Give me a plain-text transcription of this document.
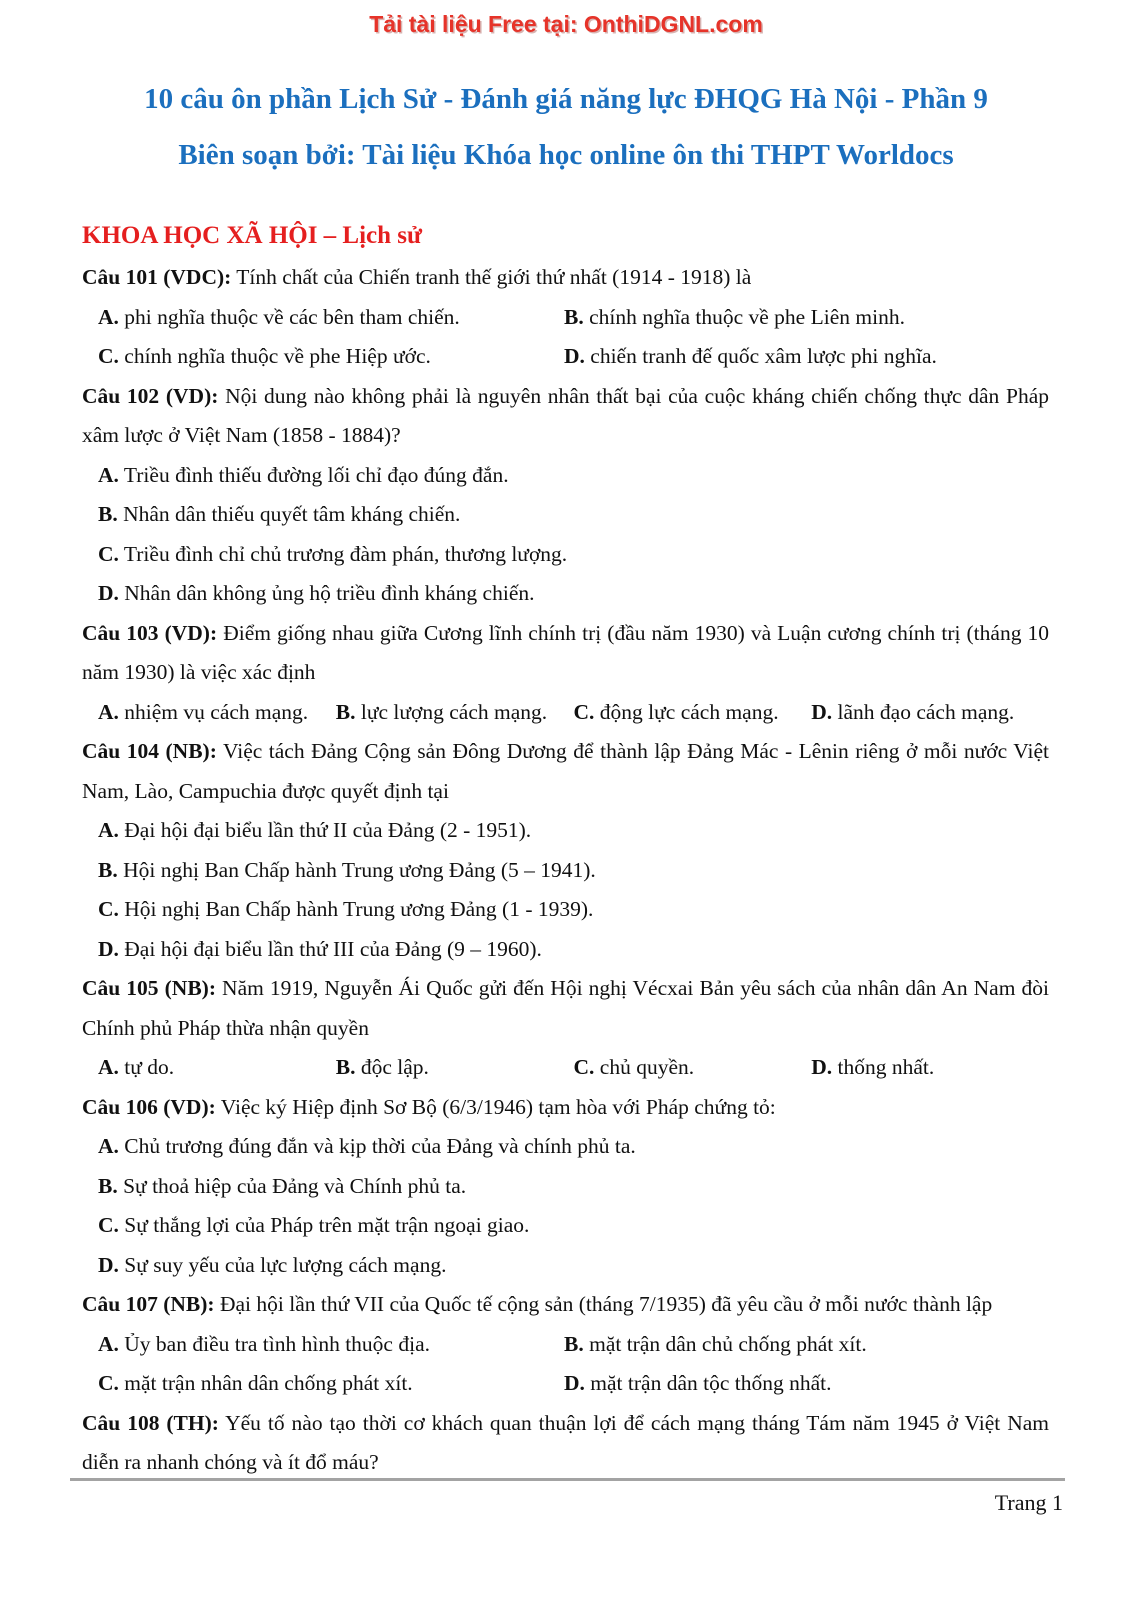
Tải tài liệu Free tại: OnthiDGNL.com
10 câu ôn phần Lịch Sử - Đánh giá năng lực ĐHQG Hà Nội - Phần 9
Biên soạn bởi: Tài liệu Khóa học online ôn thi THPT Worldocs
KHOA HỌC XÃ HỘI – Lịch sử

Câu 101 (VDC): Tính chất của Chiến tranh thế giới thứ nhất (1914 - 1918) là

A. phi nghĩa thuộc về các bên tham chiến.	B. chính nghĩa thuộc về phe Liên minh.
C. chính nghĩa thuộc về phe Hiệp ước.	D. chiến tranh đế quốc xâm lược phi nghĩa.

Câu 102 (VD): Nội dung nào không phải là nguyên nhân thất bại của cuộc kháng chiến chống thực dân Pháp xâm lược ở Việt Nam (1858 - 1884)?

A. Triều đình thiếu đường lối chỉ đạo đúng đắn.
B. Nhân dân thiếu quyết tâm kháng chiến.
C. Triều đình chỉ chủ trương đàm phán, thương lượng.
D. Nhân dân không ủng hộ triều đình kháng chiến.

Câu 103 (VD): Điểm giống nhau giữa Cương lĩnh chính trị (đầu năm 1930) và Luận cương chính trị (tháng 10 năm 1930) là việc xác định

A. nhiệm vụ cách mạng.	B. lực lượng cách mạng.	C. động lực cách mạng.	D. lãnh đạo cách mạng.

Câu 104 (NB): Việc tách Đảng Cộng sản Đông Dương để thành lập Đảng Mác - Lênin riêng ở mỗi nước Việt Nam, Lào, Campuchia được quyết định tại

A. Đại hội đại biểu lần thứ II của Đảng (2 - 1951).
B. Hội nghị Ban Chấp hành Trung ương Đảng (5 – 1941).
C. Hội nghị Ban Chấp hành Trung ương Đảng (1 - 1939).
D. Đại hội đại biểu lần thứ III của Đảng (9 – 1960).

Câu 105 (NB): Năm 1919, Nguyễn Ái Quốc gửi đến Hội nghị Vécxai Bản yêu sách của nhân dân An Nam đòi Chính phủ Pháp thừa nhận quyền

A. tự do.	B. độc lập.	C. chủ quyền.	D. thống nhất.

Câu 106 (VD): Việc ký Hiệp định Sơ Bộ (6/3/1946) tạm hòa với Pháp chứng tỏ:

A. Chủ trương đúng đắn và kịp thời của Đảng và chính phủ ta.
B. Sự thoả hiệp của Đảng và Chính phủ ta.
C. Sự thắng lợi của Pháp trên mặt trận ngoại giao.
D. Sự suy yếu của lực lượng cách mạng.

Câu 107 (NB): Đại hội lần thứ VII của Quốc tế cộng sản (tháng 7/1935) đã yêu cầu ở mỗi nước thành lập

A. Ủy ban điều tra tình hình thuộc địa.	B. mặt trận dân chủ chống phát xít.
C. mặt trận nhân dân chống phát xít.	D. mặt trận dân tộc thống nhất.

Câu 108 (TH): Yếu tố nào tạo thời cơ khách quan thuận lợi để cách mạng tháng Tám năm 1945 ở Việt Nam diễn ra nhanh chóng và ít đổ máu?

Trang 1
